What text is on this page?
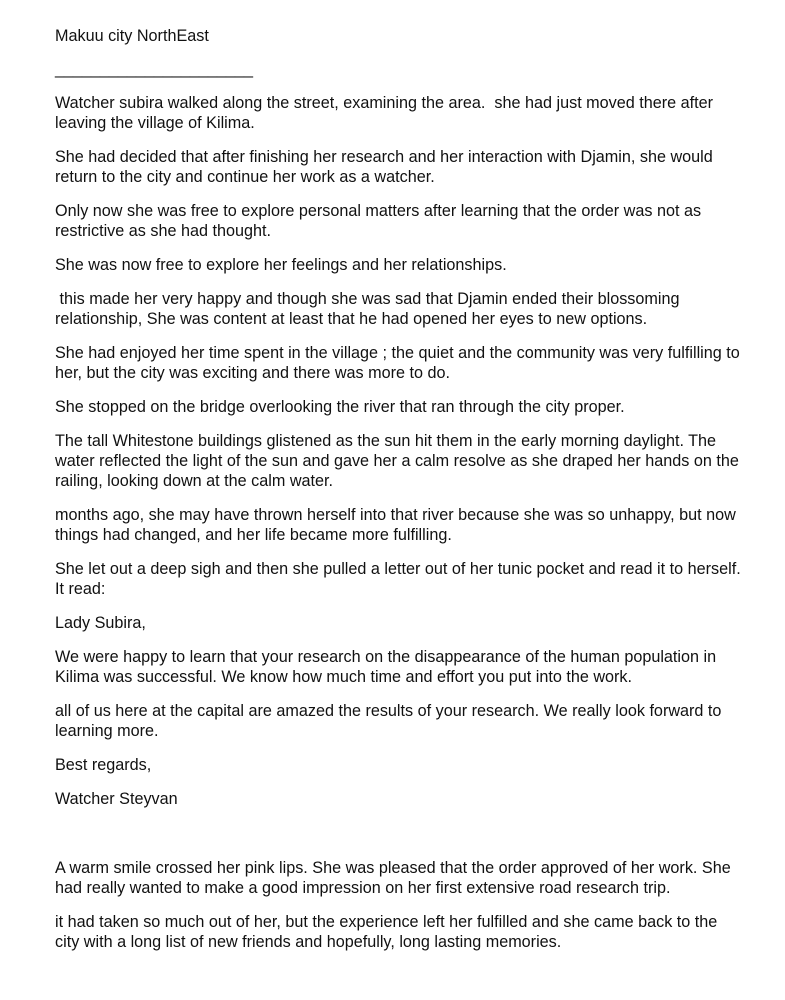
Makuu city NorthEast
______________________
Watcher subira walked along the street, examining the area.  she had just moved there after leaving the village of Kilima.
She had decided that after finishing her research and her interaction with Djamin, she would return to the city and continue her work as a watcher.
Only now she was free to explore personal matters after learning that the order was not as restrictive as she had thought.
She was now free to explore her feelings and her relationships.
this made her very happy and though she was sad that Djamin ended their blossoming relationship, She was content at least that he had opened her eyes to new options.
She had enjoyed her time spent in the village ; the quiet and the community was very fulfilling to her, but the city was exciting and there was more to do.
She stopped on the bridge overlooking the river that ran through the city proper.
The tall Whitestone buildings glistened as the sun hit them in the early morning daylight. The water reflected the light of the sun and gave her a calm resolve as she draped her hands on the railing, looking down at the calm water.
months ago, she may have thrown herself into that river because she was so unhappy, but now things had changed, and her life became more fulfilling.
She let out a deep sigh and then she pulled a letter out of her tunic pocket and read it to herself.  It read:
Lady Subira,
We were happy to learn that your research on the disappearance of the human population in Kilima was successful. We know how much time and effort you put into the work.
all of us here at the capital are amazed the results of your research. We really look forward to learning more.
Best regards,
Watcher Steyvan
A warm smile crossed her pink lips. She was pleased that the order approved of her work. She had really wanted to make a good impression on her first extensive road research trip.
it had taken so much out of her, but the experience left her fulfilled and she came back to the city with a long list of new friends and hopefully, long lasting memories.
